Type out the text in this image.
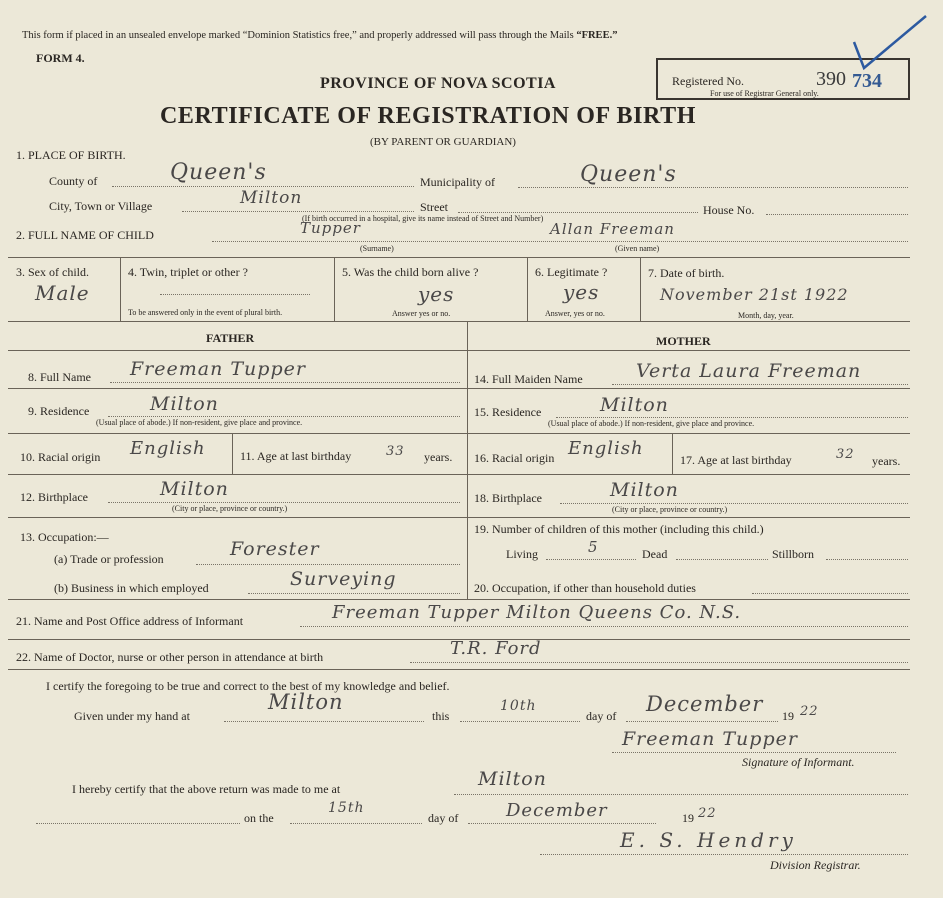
This form if placed in an unsealed envelope marked “Dominion Statistics free,” and properly addressed will pass through the Mails “FREE.”
FORM 4.
PROVINCE OF NOVA SCOTIA
CERTIFICATE OF REGISTRATION OF BIRTH
(BY PARENT OR GUARDIAN)
Registered No.	390 734
For use of Registrar General only.
1. PLACE OF BIRTH.
County of	Queen's	Municipality of	Queen's
City, Town or Village	Milton	Street	House No.
(If birth occurred in a hospital, give its name instead of Street and Number)
2. FULL NAME OF CHILD	Tupper
(Surname)
Allan Freeman
(Given name)
3. Sex of child.
Male
4. Twin, triplet or other ?
To be answered only in the event of plural birth.
5. Was the child born alive ?
yes
Answer yes or no.
6. Legitimate ?
yes
Answer, yes or no.
7. Date of birth.
November 21st 1922
Month, day, year.
FATHER	MOTHER
8. Full Name Freeman Tupper
9. Residence	Milton
(Usual place of abode.) If non-resident, give place and province.
10. Racial origin English	11. Age at last birthday	33 years.
12. Birthplace	Milton
(City or place, province or country.)
13. Occupation:—
(a) Trade or profession	Forester
(b) Business in which employed	Surveying
14. Full Maiden Name	Verta Laura Freeman
15. Residence	Milton
(Usual place of abode.) If non-resident, give place and province.
16. Racial origin English
17. Age at last birthday	32 years.
18. Birthplace	Milton
(City or place, province or country.)
19. Number of children of this mother (including this child.)
Living	5	Dead	Stillborn
20. Occupation, if other than household duties
21. Name and Post Office address of Informant	Freeman Tupper Milton Queens Co. N.S.
22. Name of Doctor, nurse or other person in attendance at birth	T.R. Ford
I certify the foregoing to be true and correct to the best of my knowledge and belief.
Given under my hand at
Milton
this
10th
day of December 19 22
Freeman Tupper
Signature of Informant.
I hereby certify that the above return was made to me at	Milton
on the
15th
day of	December	19 22
E. S. Hendry
Division Registrar.
